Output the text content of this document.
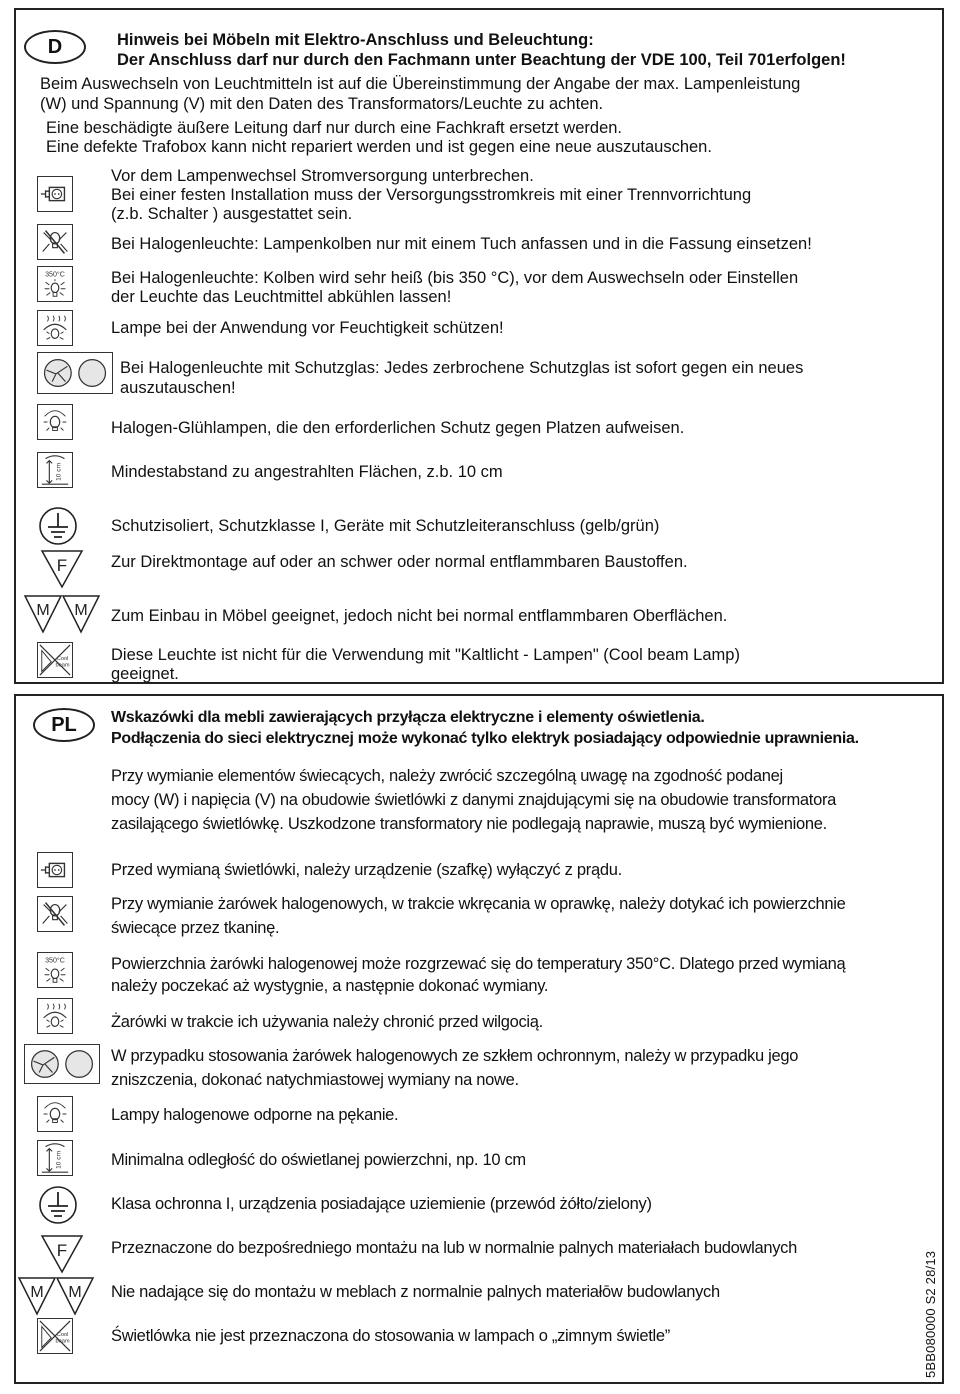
D	Hinweis bei Möbeln mit Elektro-Anschluss und Beleuchtung:
Der Anschluss darf nur durch den Fachmann unter Beachtung der VDE 100, Teil 701erfolgen!
Beim Auswechseln von Leuchtmitteln ist auf die Übereinstimmung der Angabe der max. Lampenleistung
(W) und Spannung (V) mit den Daten des Transformators/Leuchte zu achten.
Eine beschädigte äußere Leitung darf nur durch eine Fachkraft ersetzt werden.
Eine defekte Trafobox kann nicht repariert werden und ist gegen eine neue auszutauschen.
Vor dem Lampenwechsel Stromversorgung unterbrechen.
Bei einer festen Installation muss der Versorgungsstromkreis mit einer Trennvorrichtung
(z.b. Schalter ) ausgestattet sein.
Bei Halogenleuchte: Lampenkolben nur mit einem Tuch anfassen und in die Fassung einsetzen!
350°C	Bei Halogenleuchte: Kolben wird sehr heiß (bis 350 °C), vor dem Auswechseln oder Einstellen
der Leuchte das Leuchtmittel abkühlen lassen!
Lampe bei der Anwendung vor Feuchtigkeit schützen!
Bei Halogenleuchte mit Schutzglas: Jedes zerbrochene Schutzglas ist sofort gegen ein neues
auszutauschen!
Halogen-Glühlampen, die den erforderlichen Schutz gegen Platzen aufweisen.
10 cm	Mindestabstand zu angestrahlten Flächen, z.b. 10 cm
Schutzisoliert, Schutzklasse I, Geräte mit Schutzleiteranschluss (gelb/grün)
F	Zur Direktmontage auf oder an schwer oder normal entflammbaren Baustoffen.
M M Zum Einbau in Möbel geeignet, jedoch nicht bei normal entflammbaren Oberflächen.
Cool
beam
Diese Leuchte ist nicht für die Verwendung mit "Kaltlicht - Lampen" (Cool beam Lamp)
geeignet.
PL Wskazówki dla mebli zawierających przyłącza elektryczne i elementy oświetlenia.
Podłączenia do sieci elektrycznej może wykonać tylko elektryk posiadający odpowiednie uprawnienia.
Przy wymianie elementów świecących, należy zwrócić szczególną uwagę na zgodność podanej
mocy (W) i napięcia (V) na obudowie świetlówki z danymi znajdującymi się na obudowie transformatora
zasilającego świetlówkę. Uszkodzone transformatory nie podlegają naprawie, muszą być wymienione.
Przed wymianą świetlówki, należy urządzenie (szafkę) wyłączyć z prądu.
Przy wymianie żarówek halogenowych, w trakcie wkręcania w oprawkę, należy dotykać ich powierzchnie
świecące przez tkaninę.
350°C	Powierzchnia żarówki halogenowej może rozgrzewać się do temperatury 350°C. Dlatego przed wymianą
należy poczekać aż wystygnie, a następnie dokonać wymiany.
Żarówki w trakcie ich używania należy chronić przed wilgocią.
W przypadku stosowania żarówek halogenowych ze szkłem ochronnym, należy w przypadku jego
zniszczenia, dokonać natychmiastowej wymiany na nowe.
Lampy halogenowe odporne na pękanie.
10 cm	Minimalna odległość do oświetlanej powierzchni, np. 10 cm
Klasa ochronna I, urządzenia posiadające uziemienie (przewód żółto/zielony)
F	Przeznaczone do bezpośredniego montażu na lub w normalnie palnych materiałach budowlanych
M M Nie nadające się do montażu w meblach z normalnie palnych materiałōw budowlanych
Cool
beam	Świetlówka nie jest przeznaczona do stosowania w lampach o „zimnym świetle”	5BB080000 S2 28/13
